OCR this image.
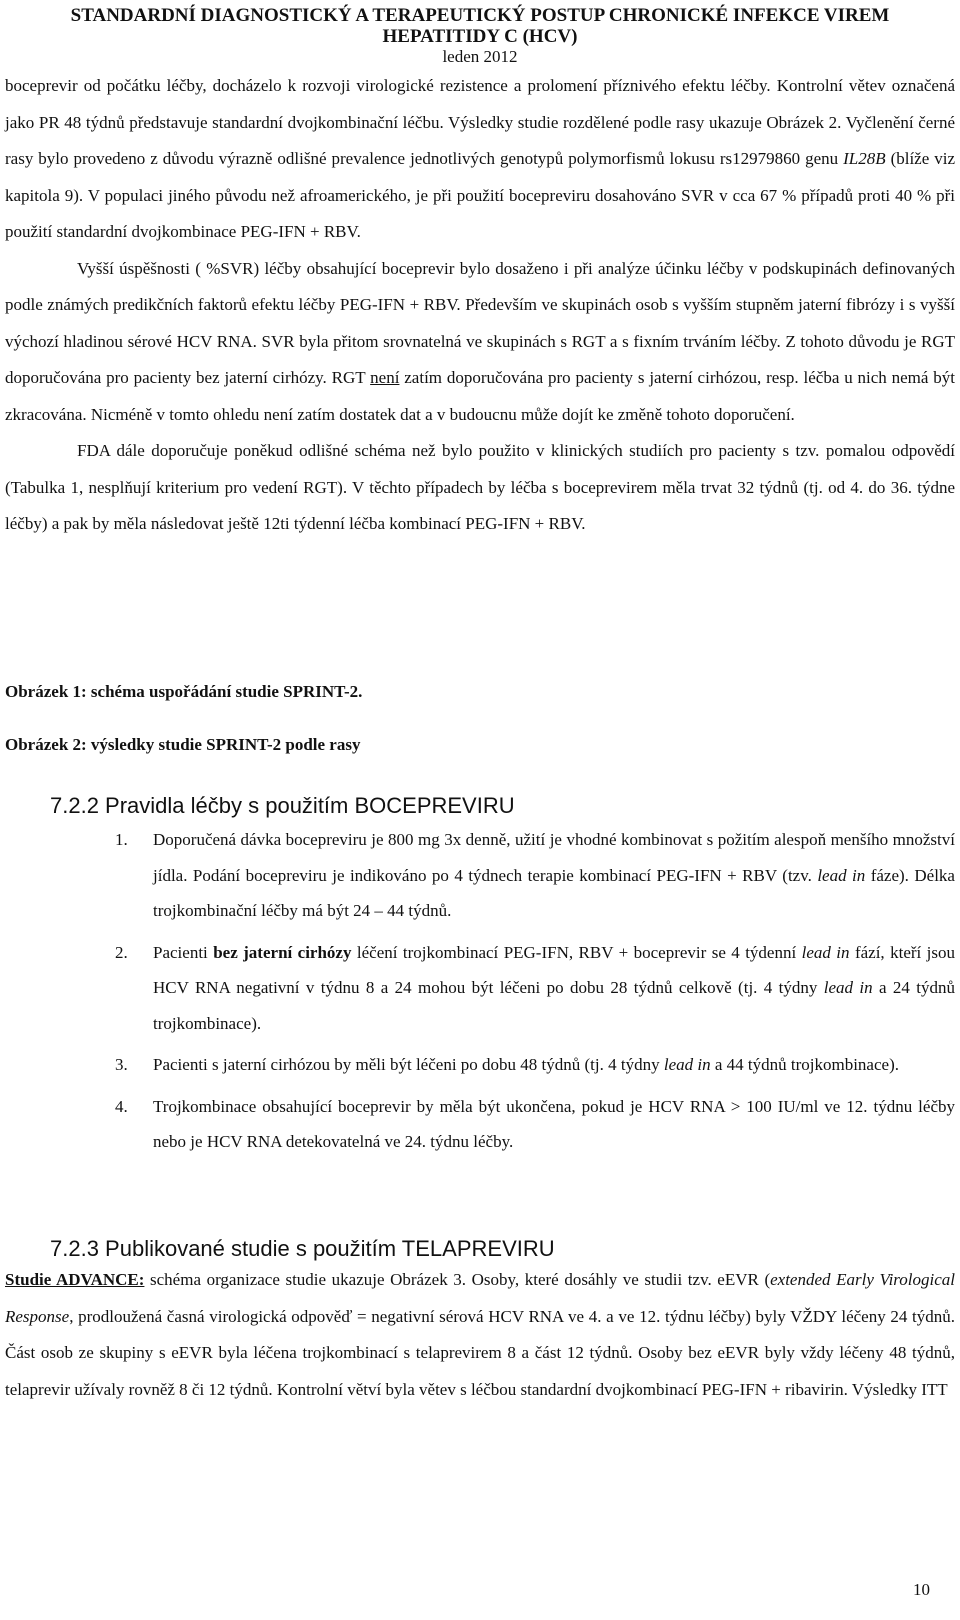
STANDARDNÍ DIAGNOSTICKÝ A TERAPEUTICKÝ POSTUP CHRONICKÉ INFEKCE VIREM
HEPATITIDY C (HCV)
leden 2012

boceprevir od počátku léčby, docházelo k rozvoji virologické rezistence a prolomení příznivého efektu léčby. Kontrolní větev označená jako PR 48 týdnů představuje standardní dvojkombinační léčbu. Výsledky studie rozdělené podle rasy ukazuje Obrázek 2. Vyčlenění černé rasy bylo provedeno z důvodu výrazně odlišné prevalence jednotlivých genotypů polymorfismů lokusu rs12979860 genu IL28B (blíže viz kapitola 9). V populaci jiného původu než afroamerického, je při použití bocepreviru dosahováno SVR v cca 67 % případů proti 40 % při použití standardní dvojkombinace PEG-IFN + RBV.

Vyšší úspěšnosti ( %SVR) léčby obsahující boceprevir bylo dosaženo i při analýze účinku léčby v podskupinách definovaných podle známých predikčních faktorů efektu léčby PEG-IFN + RBV. Především ve skupinách osob s vyšším stupněm jaterní fibrózy i s vyšší výchozí hladinou sérové HCV RNA. SVR byla přitom srovnatelná ve skupinách s RGT a s fixním trváním léčby. Z tohoto důvodu je RGT doporučována pro pacienty bez jaterní cirhózy. RGT není zatím doporučována pro pacienty s jaterní cirhózou, resp. léčba u nich nemá být zkracována. Nicméně v tomto ohledu není zatím dostatek dat a v budoucnu může dojít ke změně tohoto doporučení.

FDA dále doporučuje poněkud odlišné schéma než bylo použito v klinických studiích pro pacienty s tzv. pomalou odpovědí (Tabulka 1, nesplňují kriterium pro vedení RGT). V těchto případech by léčba s boceprevirem měla trvat 32 týdnů (tj. od 4. do 36. týdne léčby) a pak by měla následovat ještě 12ti týdenní léčba kombinací PEG-IFN + RBV.

Obrázek 1: schéma uspořádání studie SPRINT-2.
Obrázek 2: výsledky studie SPRINT-2 podle rasy
7.2.2 Pravidla léčby s použitím BOCEPREVIRU
1. Doporučená dávka bocepreviru je 800 mg 3x denně, užití je vhodné kombinovat s požitím alespoň menšího množství jídla. Podání bocepreviru je indikováno po 4 týdnech terapie kombinací PEG-IFN + RBV (tzv. lead in fáze). Délka trojkombinační léčby má být 24 – 44 týdnů.
2. Pacienti bez jaterní cirhózy léčení trojkombinací PEG-IFN, RBV + boceprevir se 4 týdenní lead in fází, kteří jsou HCV RNA negativní v týdnu 8 a 24 mohou být léčeni po dobu 28 týdnů celkově (tj. 4 týdny lead in a 24 týdnů trojkombinace).
3. Pacienti s jaterní cirhózou by měli být léčeni po dobu 48 týdnů (tj. 4 týdny lead in a 44 týdnů trojkombinace).
4. Trojkombinace obsahující boceprevir by měla být ukončena, pokud je HCV RNA > 100 IU/ml ve 12. týdnu léčby nebo je HCV RNA detekovatelná ve 24. týdnu léčby.
7.2.3 Publikované studie s použitím TELAPREVIRU

Studie ADVANCE: schéma organizace studie ukazuje Obrázek 3. Osoby, které dosáhly ve studii tzv. eEVR (extended Early Virological Response, prodloužená časná virologická odpověď = negativní sérová HCV RNA ve 4. a ve 12. týdnu léčby) byly VŽDY léčeny 24 týdnů. Část osob ze skupiny s eEVR byla léčena trojkombinací s telaprevirem 8 a část 12 týdnů. Osoby bez eEVR byly vždy léčeny 48 týdnů, telaprevir užívaly rovněž 8 či 12 týdnů. Kontrolní větví byla větev s léčbou standardní dvojkombinací PEG-IFN + ribavirin. Výsledky ITT

10
